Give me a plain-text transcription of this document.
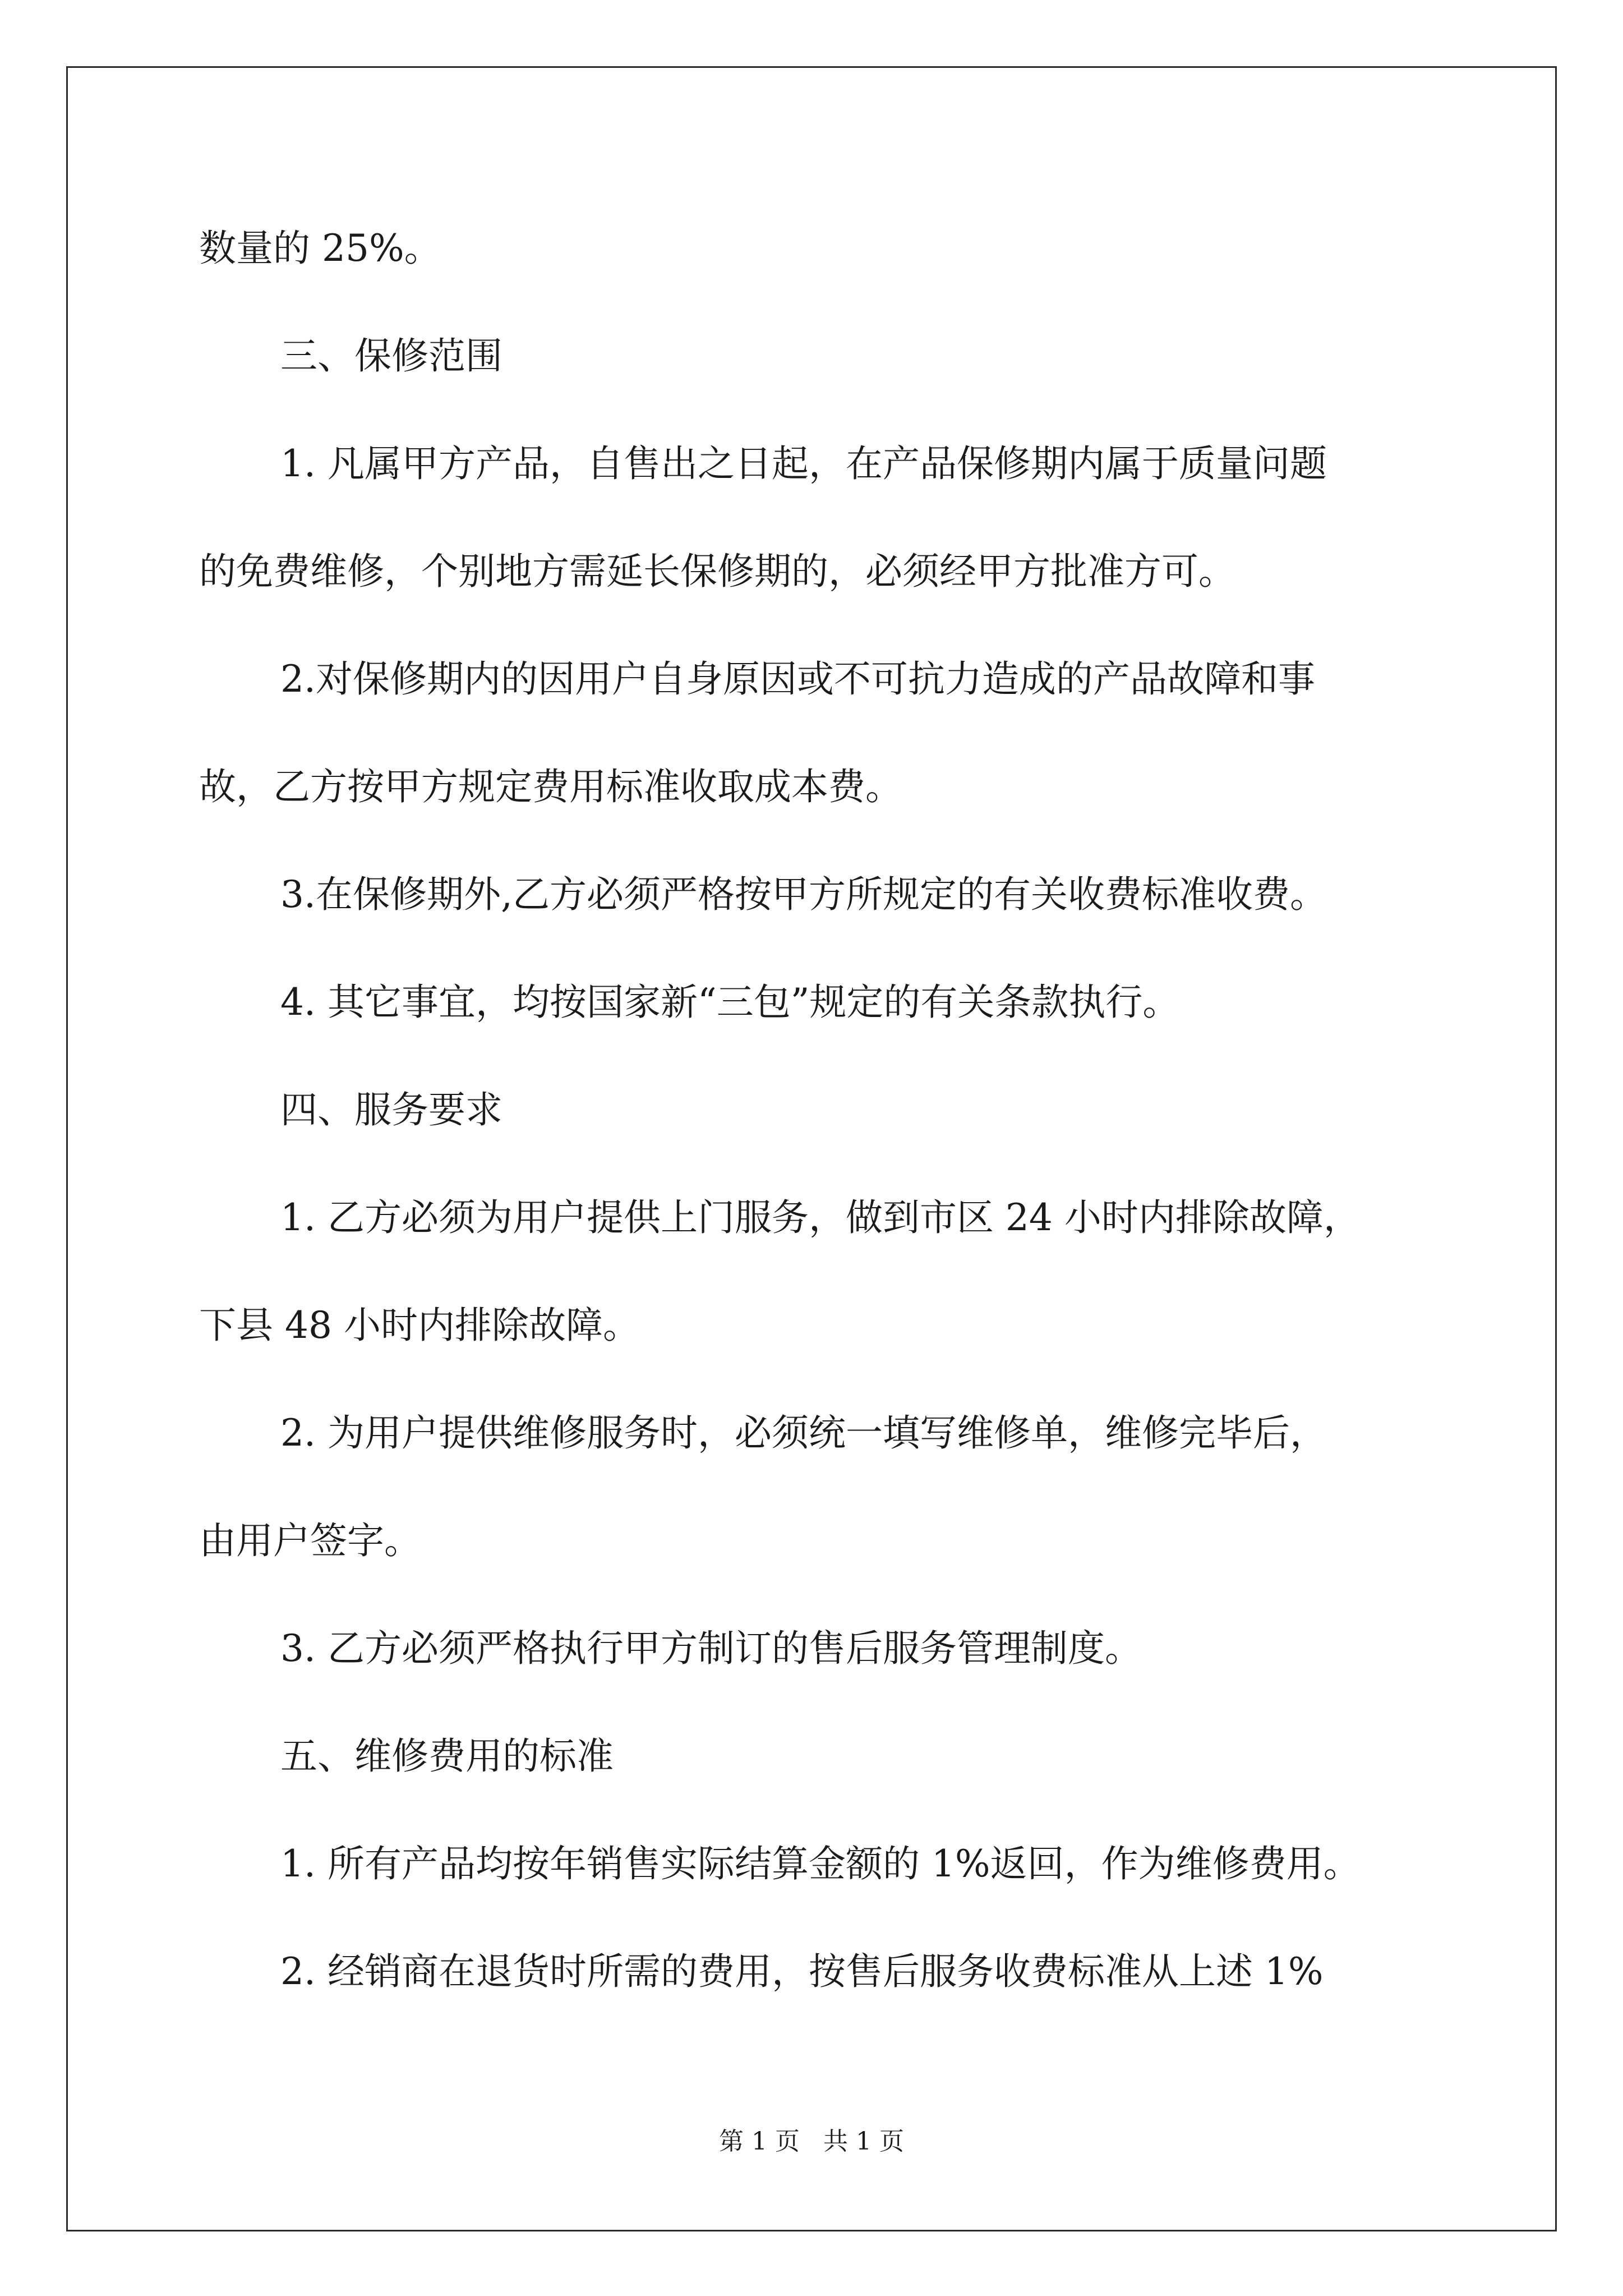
数量的 25%。

三、保修范围

1. 凡属甲方产品，自售出之日起，在产品保修期内属于质量问题

的免费维修，个别地方需延长保修期的，必须经甲方批准方可。

2.对保修期内的因用户自身原因或不可抗力造成的产品故障和事

故，乙方按甲方规定费用标准收取成本费。

3.在保修期外,乙方必须严格按甲方所规定的有关收费标准收费。

4. 其它事宜，均按国家新“三包”规定的有关条款执行。

四、服务要求

1. 乙方必须为用户提供上门服务，做到市区 24 小时内排除故障，

下县 48 小时内排除故障。

2. 为用户提供维修服务时，必须统一填写维修单，维修完毕后，

由用户签字。

3. 乙方必须严格执行甲方制订的售后服务管理制度。

五、维修费用的标准

1. 所有产品均按年销售实际结算金额的 1%返回，作为维修费用。

2. 经销商在退货时所需的费用，按售后服务收费标准从上述 1%

第 1 页   共 1 页
